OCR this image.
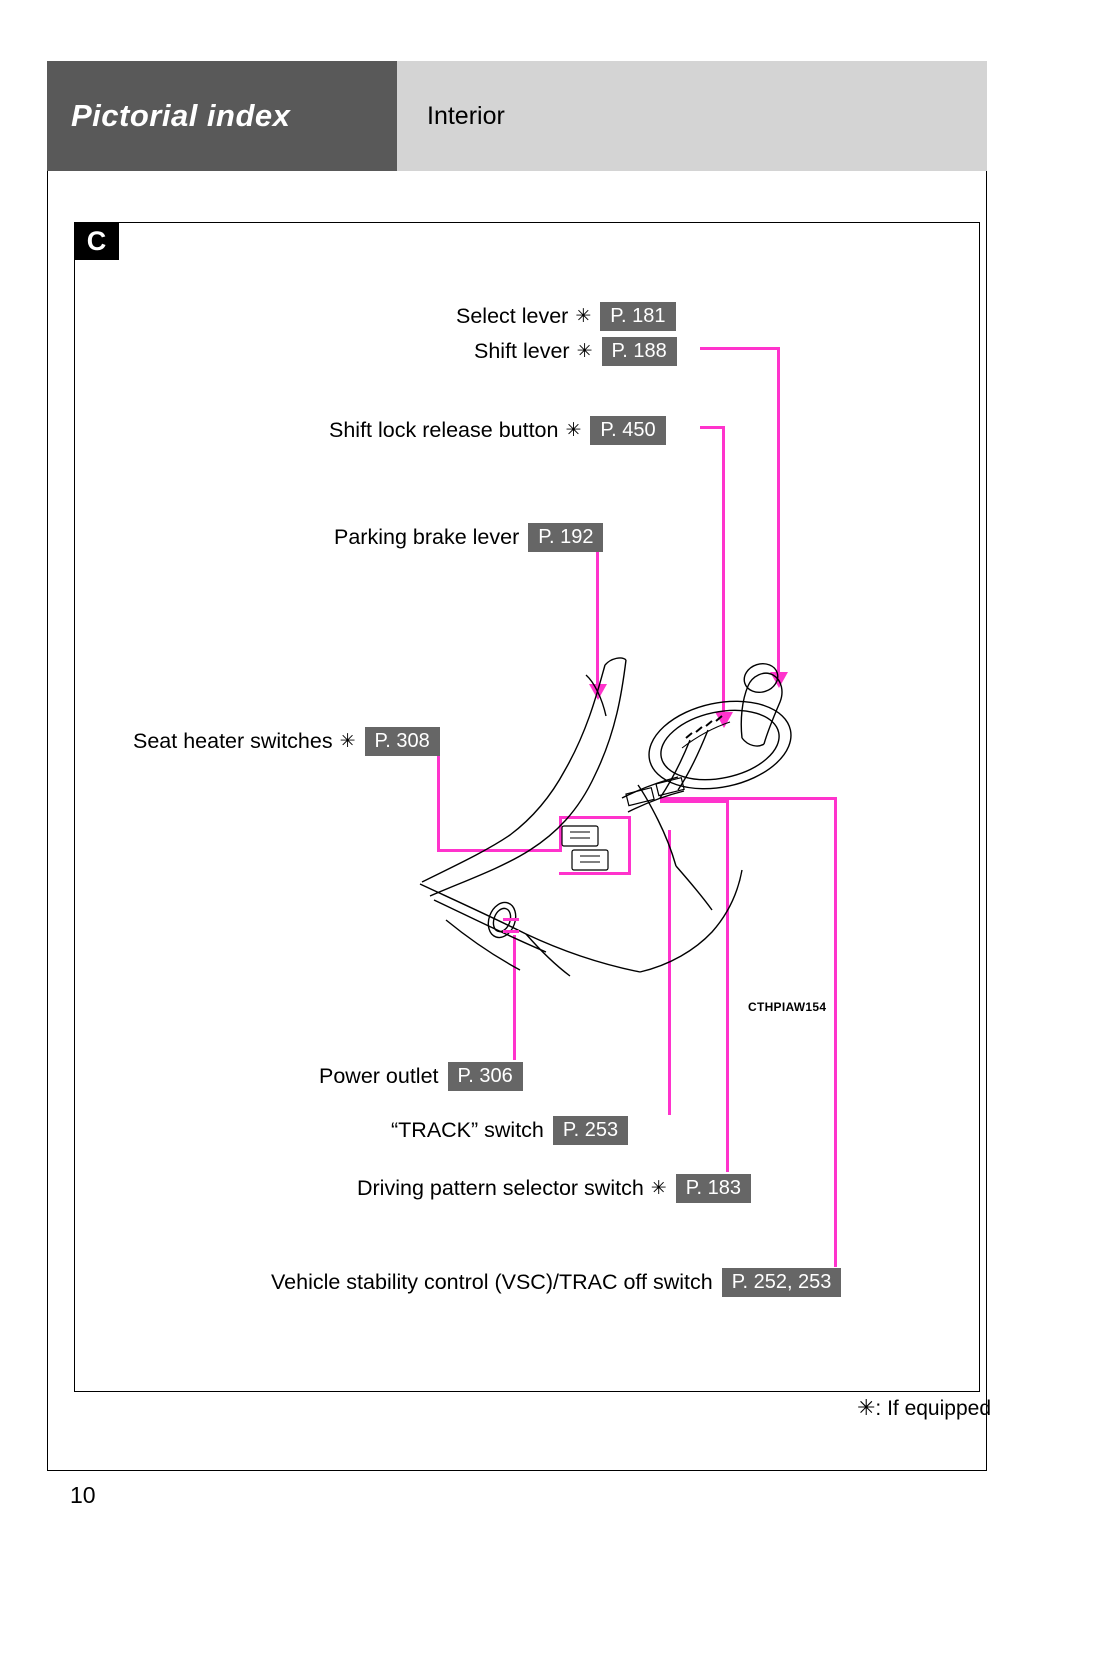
Pictorial index	Interior
C
CTHPIAW154
Select lever ✳ P. 181
Shift lever ✳ P. 188
Shift lock release button ✳ P. 450
Parking brake lever P. 192
Seat heater switches ✳ P. 308
Power outlet P. 306
“TRACK” switch P. 253
Driving pattern selector switch ✳ P. 183
Vehicle stability control (VSC)/TRAC off switch P. 252, 253
✳: If equipped
10
